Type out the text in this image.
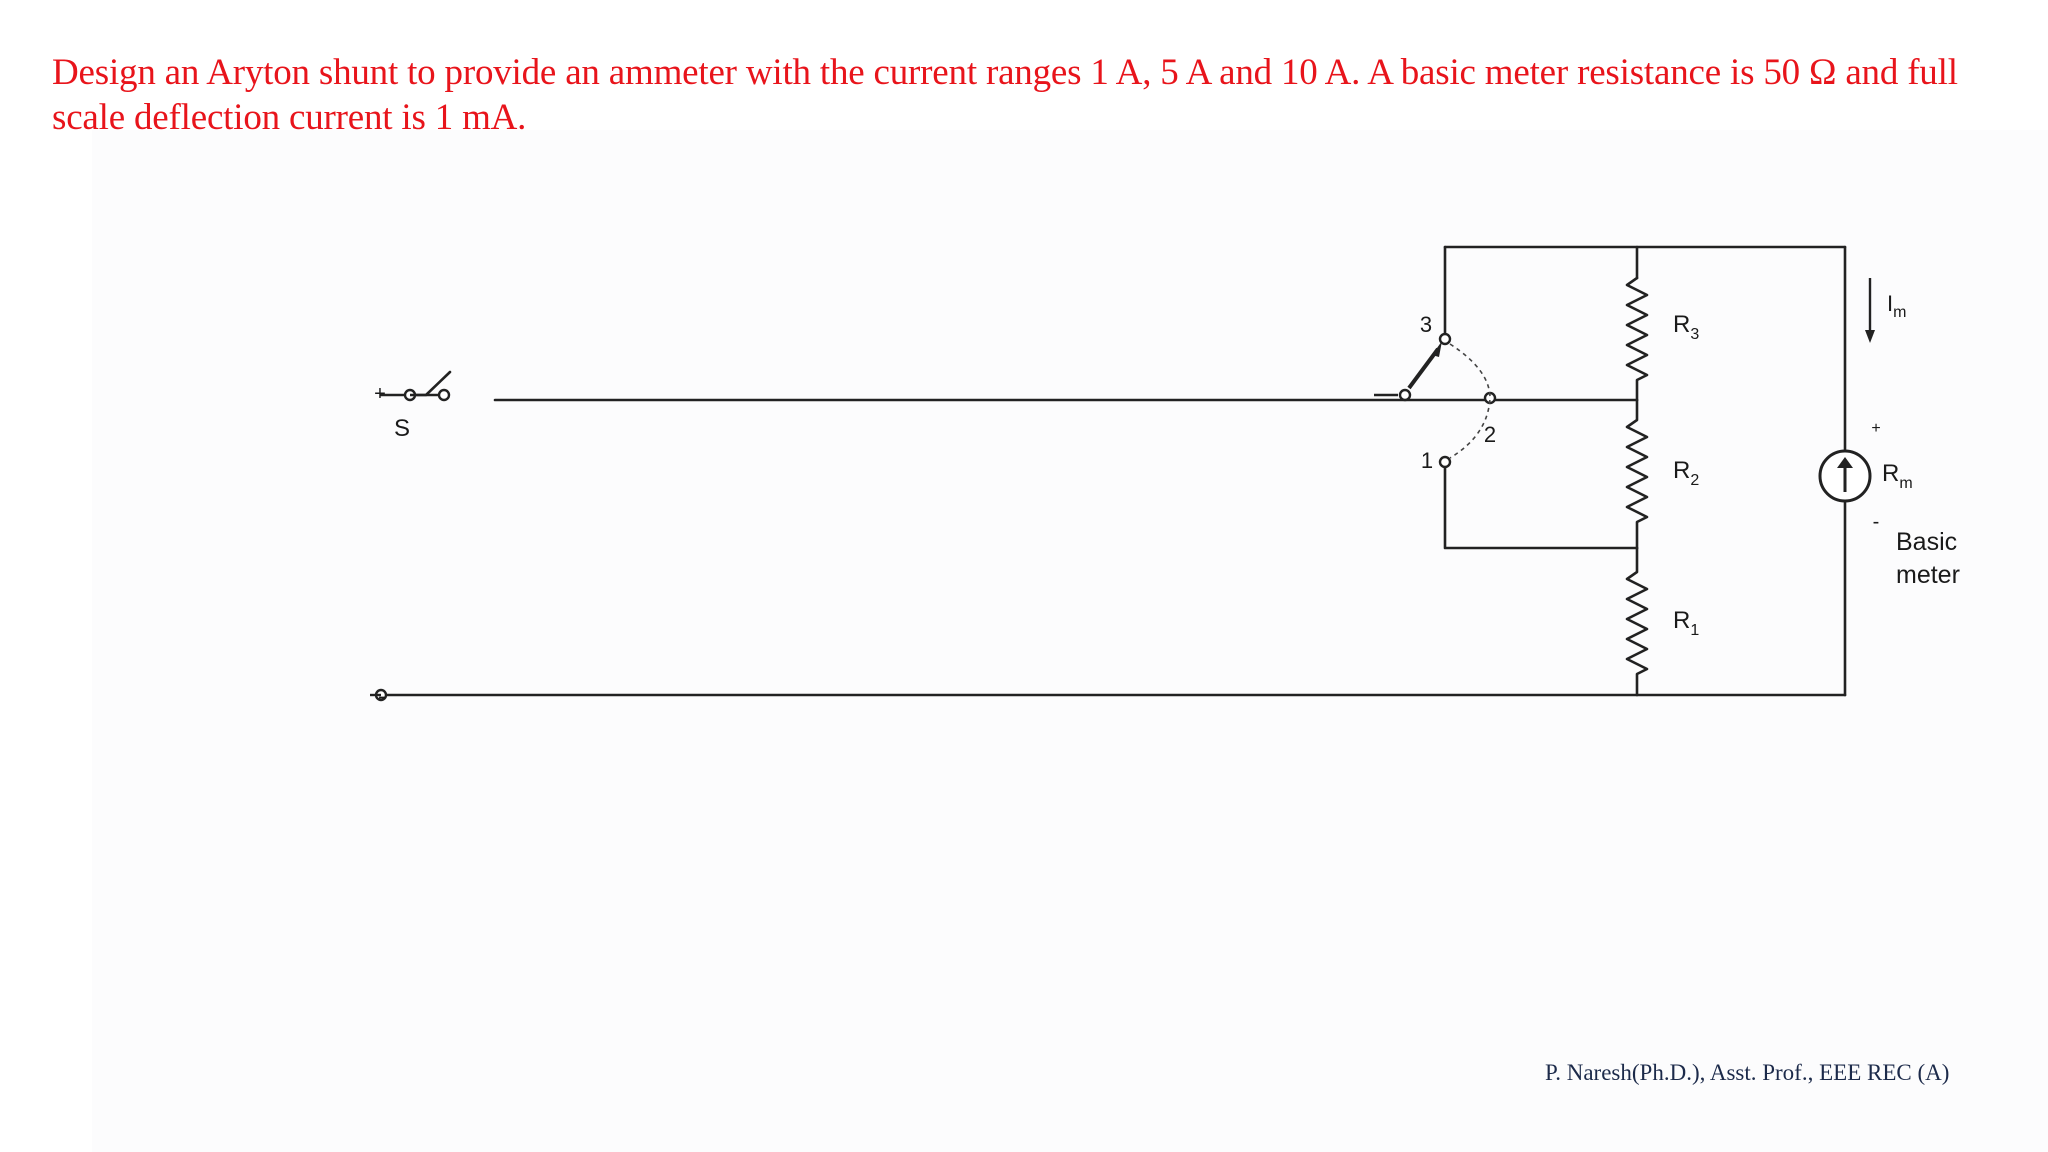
Design an Aryton shunt to provide an ammeter with the current ranges 1 A, 5 A and 10 A. A basic meter resistance is 50 Ω and full scale deflection current is 1 mA.

+
-
S
3
2
1
$R_3$
$R_2$
$R_1$
$I_m$
$R_m$
+
-
Basic
meter
P. Naresh(Ph.D.), Asst. Prof., EEE REC (A)
